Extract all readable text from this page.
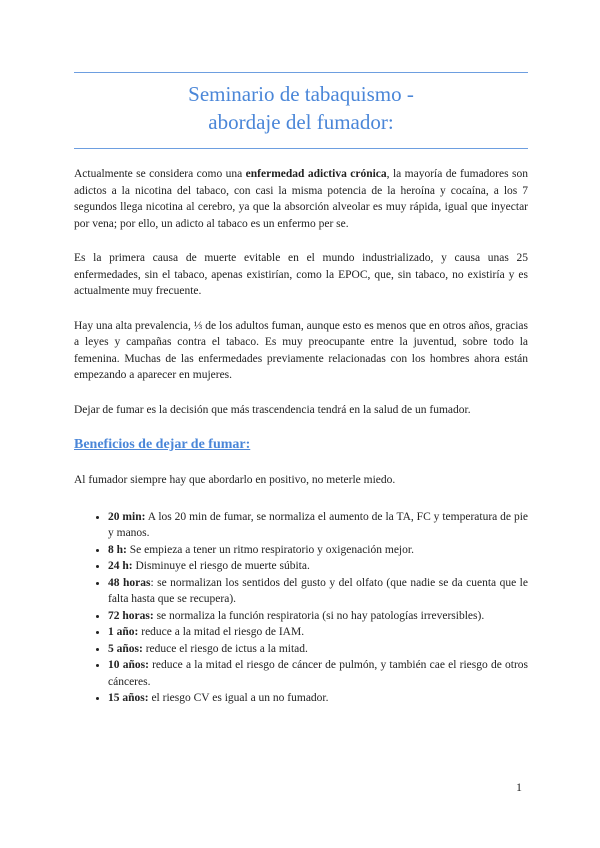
Seminario de tabaquismo -
abordaje del fumador:

Actualmente se considera como una enfermedad adictiva crónica, la mayoría de fumadores son adictos a la nicotina del tabaco, con casi la misma potencia de la heroína y cocaína, a los 7 segundos llega nicotina al cerebro, ya que la absorción alveolar es muy rápida, igual que inyectar por vena; por ello, un adicto al tabaco es un enfermo per se.

Es la primera causa de muerte evitable en el mundo industrializado, y causa unas 25 enfermedades, sin el tabaco, apenas existirían, como la EPOC, que, sin tabaco, no existiría y es actualmente muy frecuente.

Hay una alta prevalencia, ⅓ de los adultos fuman, aunque esto es menos que en otros años, gracias a leyes y campañas contra el tabaco. Es muy preocupante entre la juventud, sobre todo la femenina. Muchas de las enfermedades previamente relacionadas con los hombres ahora están empezando a aparecer en mujeres.

Dejar de fumar es la decisión que más trascendencia tendrá en la salud de un fumador.

Beneficios de dejar de fumar:

Al fumador siempre hay que abordarlo en positivo, no meterle miedo.

• 20 min: A los 20 min de fumar, se normaliza el aumento de la TA, FC y temperatura de pie y manos.
• 8 h: Se empieza a tener un ritmo respiratorio y oxigenación mejor.
• 24 h: Disminuye el riesgo de muerte súbita.
• 48 horas: se normalizan los sentidos del gusto y del olfato (que nadie se da cuenta que le falta hasta que se recupera).
• 72 horas: se normaliza la función respiratoria (si no hay patologías irreversibles).
• 1 año: reduce a la mitad el riesgo de IAM.
• 5 años: reduce el riesgo de ictus a la mitad.
• 10 años: reduce a la mitad el riesgo de cáncer de pulmón, y también cae el riesgo de otros cánceres.
• 15 años: el riesgo CV es igual a un no fumador.
1
